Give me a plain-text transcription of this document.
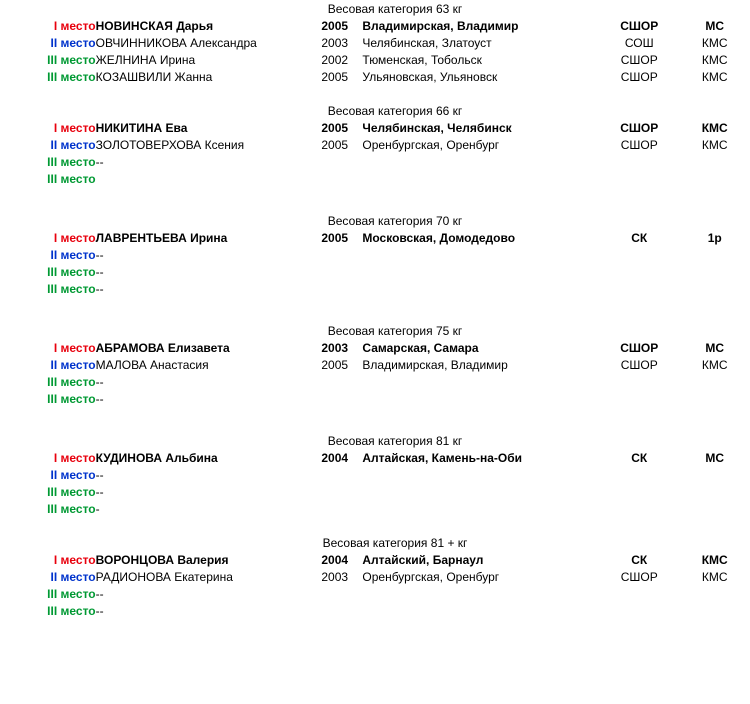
Весовая категория 63 кг
I место	НОВИНСКАЯ Дарья	2005	Владимирская, Владимир	СШОР	МС
II место	ОВЧИННИКОВА Александра	2003	Челябинская, Златоуст	СОШ	КМС
III место	ЖЕЛНИНА Ирина	2002	Тюменская, Тобольск	СШОР	КМС
III место	КОЗАШВИЛИ Жанна	2005	Ульяновская, Ульяновск	СШОР	КМС
Весовая категория 66 кг
I место	НИКИТИНА Ева	2005	Челябинская, Челябинск	СШОР	КМС
II место	ЗОЛОТОВЕРХОВА Ксения	2005	Оренбургская, Оренбург	СШОР	КМС
III место	--				
III место					
Весовая категория 70 кг
I место	ЛАВРЕНТЬЕВА Ирина	2005	Московская, Домодедово	СК	1р
II место	--				
III место	--				
III место	--				
Весовая категория 75 кг
I место	АБРАМОВА Елизавета	2003	Самарская, Самара	СШОР	МС
II место	МАЛОВА Анастасия	2005	Владимирская, Владимир	СШОР	КМС
III место	--				
III место	--				
Весовая категория 81 кг
I место	КУДИНОВА Альбина	2004	Алтайская, Камень-на-Оби	СК	МС
II место	--				
III место	--				
III место	-				
Весовая категория 81 + кг
I место	ВОРОНЦОВА Валерия	2004	Алтайский, Барнаул	СК	КМС
II место	РАДИОНОВА Екатерина	2003	Оренбургская, Оренбург	СШОР	КМС
III место	--				
III место	--				
